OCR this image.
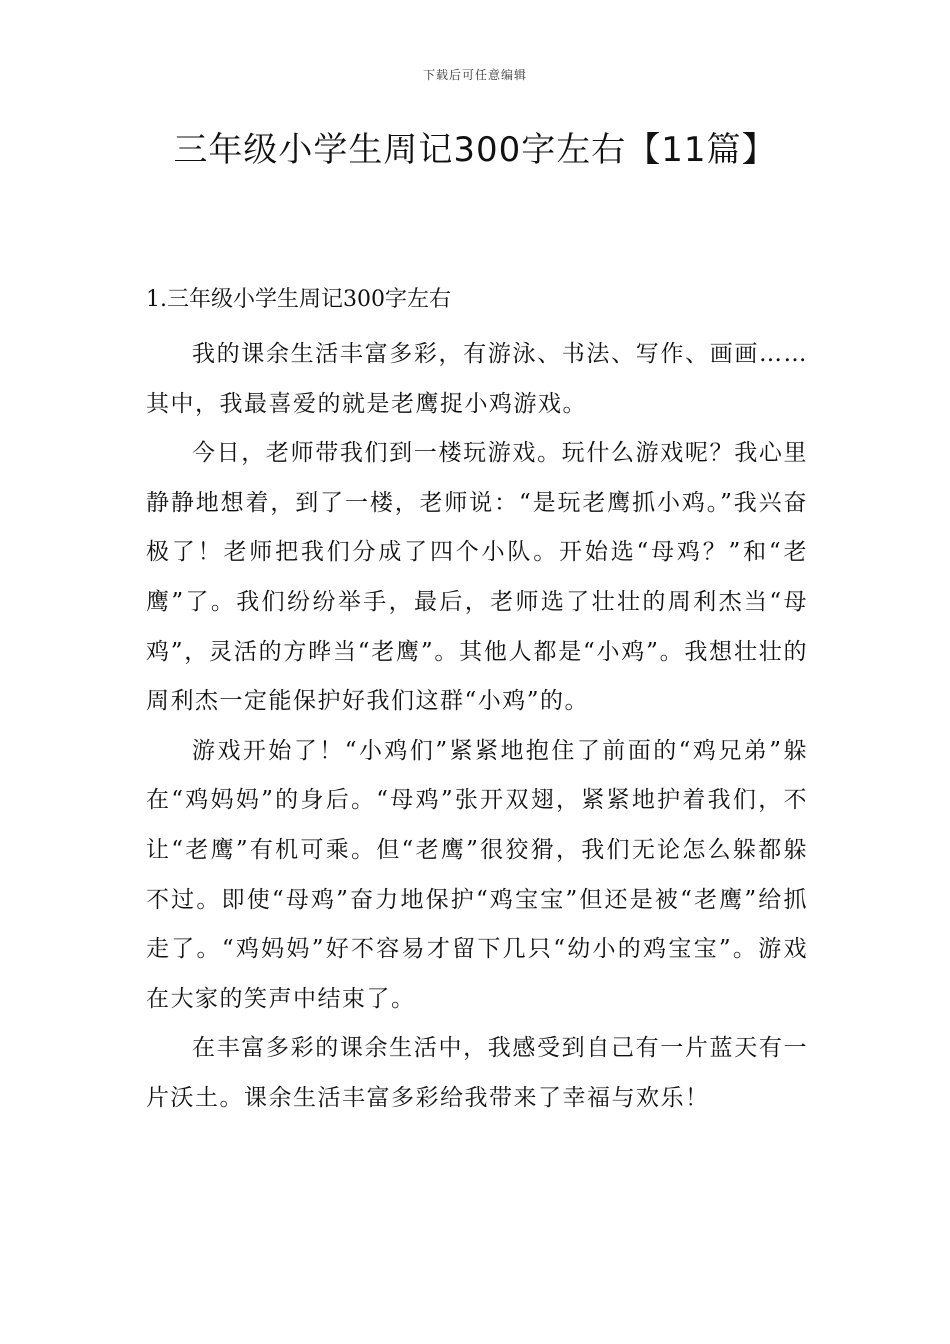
下载后可任意编辑
三年级小学生周记300字左右【11篇】
1.三年级小学生周记300字左右

我的课余生活丰富多彩，有游泳、书法、写作、画画……其中，我最喜爱的就是老鹰捉小鸡游戏。

今日，老师带我们到一楼玩游戏。玩什么游戏呢？我心里静静地想着，到了一楼，老师说：“是玩老鹰抓小鸡。”我兴奋极了！老师把我们分成了四个小队。开始选“母鸡？”和“老鹰”了。我们纷纷举手，最后，老师选了壮壮的周利杰当“母鸡”，灵活的方晔当“老鹰”。其他人都是“小鸡”。我想壮壮的周利杰一定能保护好我们这群“小鸡”的。

游戏开始了！“小鸡们”紧紧地抱住了前面的“鸡兄弟”躲在“鸡妈妈”的身后。“母鸡”张开双翅，紧紧地护着我们，不让“老鹰”有机可乘。但“老鹰”很狡猾，我们无论怎么躲都躲不过。即使“母鸡”奋力地保护“鸡宝宝”但还是被“老鹰”给抓走了。“鸡妈妈”好不容易才留下几只“幼小的鸡宝宝”。游戏在大家的笑声中结束了。

在丰富多彩的课余生活中，我感受到自己有一片蓝天有一片沃土。课余生活丰富多彩给我带来了幸福与欢乐！
